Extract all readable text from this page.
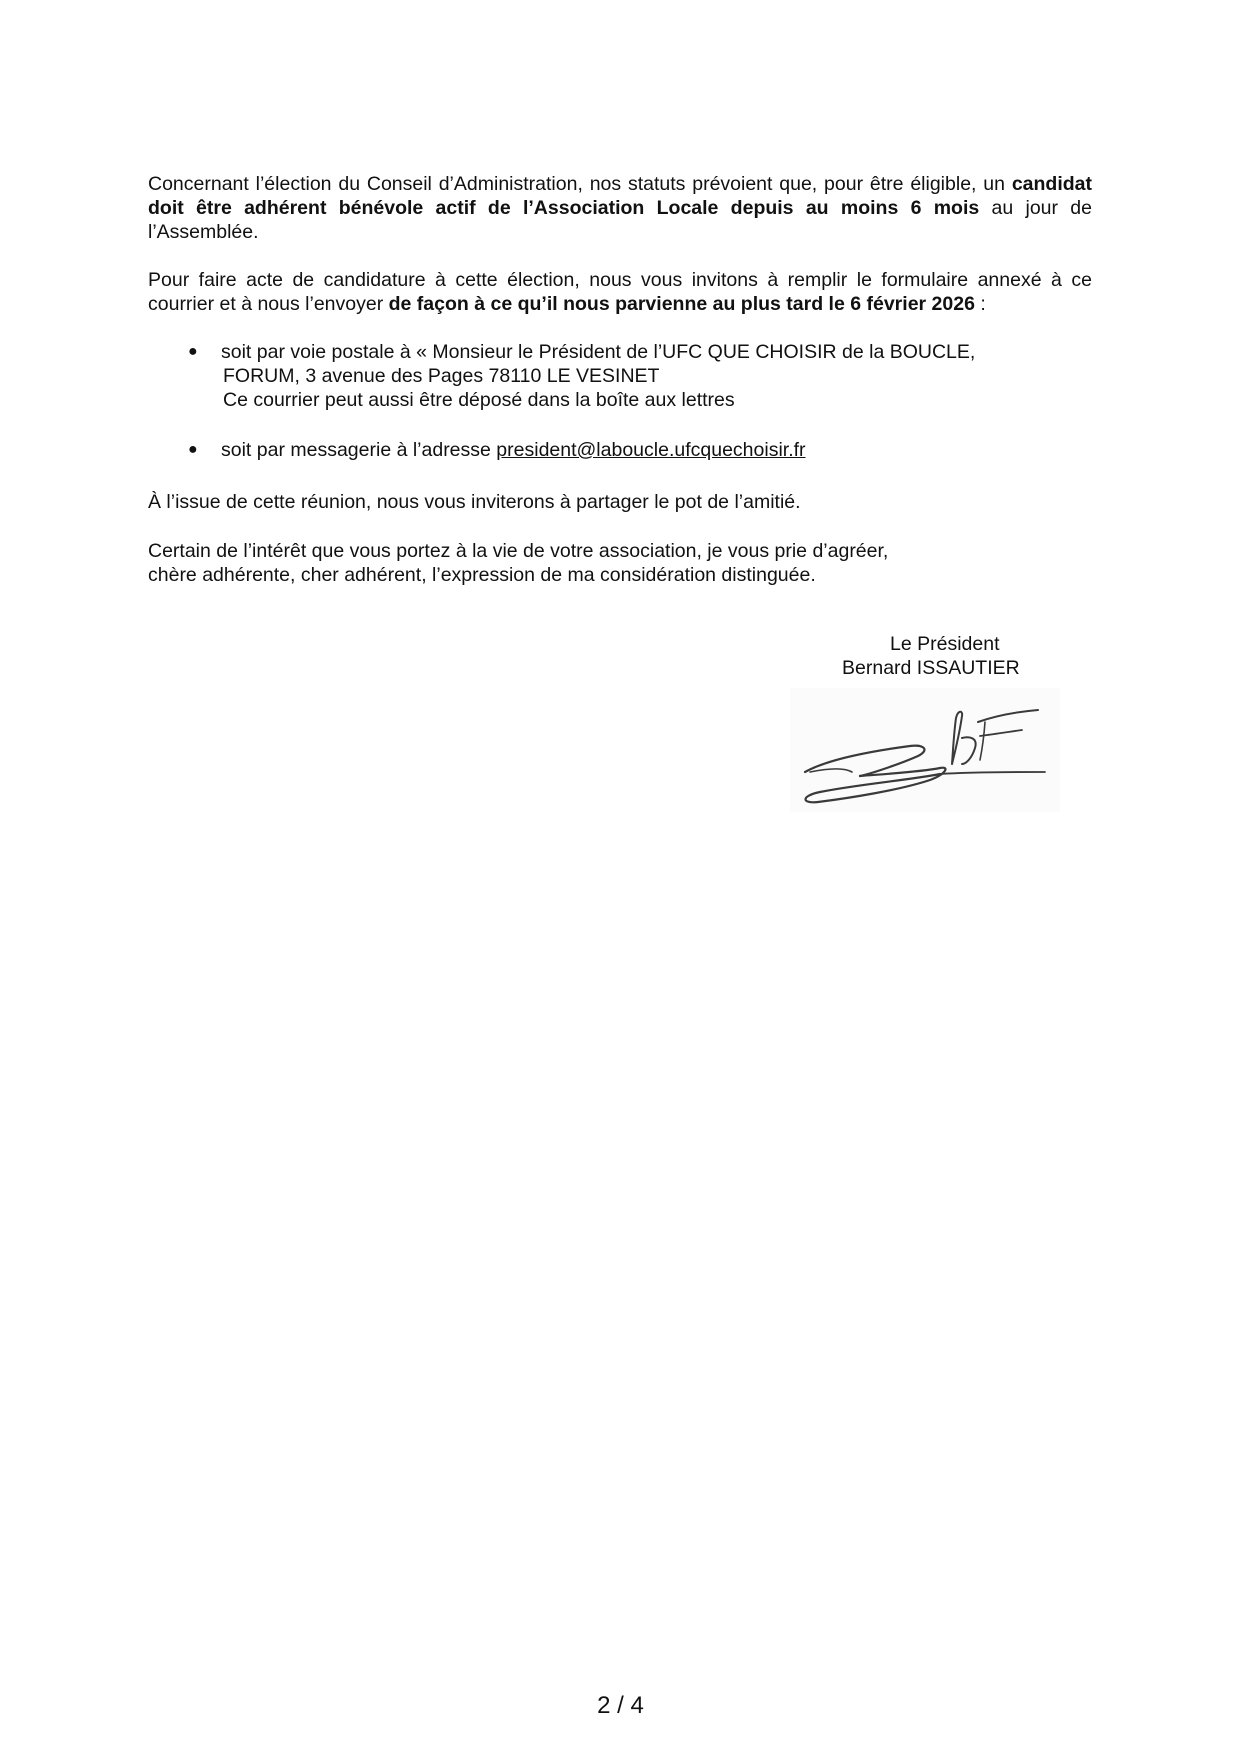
Concernant l’élection du Conseil d’Administration, nos statuts prévoient que, pour être éligible, un candidat doit être adhérent bénévole actif de l’Association Locale depuis au moins 6 mois au jour de l’Assemblée.

Pour faire acte de candidature à cette élection, nous vous invitons à remplir le formulaire annexé à ce courrier et à nous l’envoyer de façon à ce qu’il nous parvienne au plus tard le 6 février 2026 :

● soit par voie postale à « Monsieur le Président de l’UFC QUE CHOISIR de la BOUCLE,
FORUM, 3 avenue des Pages 78110 LE VESINET
Ce courrier peut aussi être déposé dans la boîte aux lettres
● soit par messagerie à l’adresse president@laboucle.ufcquechoisir.fr

À l’issue de cette réunion, nous vous inviterons à partager le pot de l’amitié.

Certain de l’intérêt que vous portez à la vie de votre association, je vous prie d’agréer,
chère adhérente, cher adhérent, l’expression de ma considération distinguée.

Le Président
Bernard ISSAUTIER
2 / 4
